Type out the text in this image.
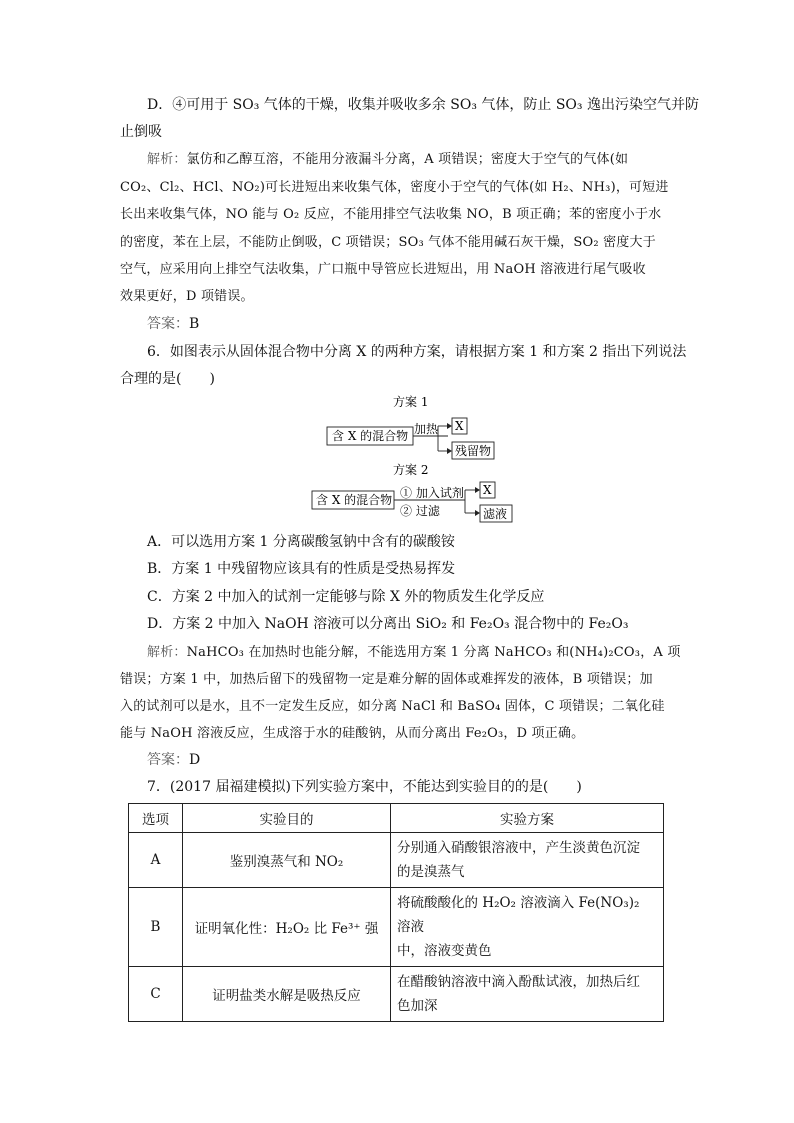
D．④可用于 SO₃ 气体的干燥，收集并吸收多余 SO₃ 气体，防止 SO₃ 逸出污染空气并防
止倒吸
解析：氯仿和乙醇互溶，不能用分液漏斗分离，A 项错误；密度大于空气的气体(如
CO₂、Cl₂、HCl、NO₂)可长进短出来收集气体，密度小于空气的气体(如 H₂、NH₃)，可短进
长出来收集气体，NO 能与 O₂ 反应，不能用排空气法收集 NO，B 项正确；苯的密度小于水
的密度，苯在上层，不能防止倒吸，C 项错误；SO₃ 气体不能用碱石灰干燥，SO₂ 密度大于
空气，应采用向上排空气法收集，广口瓶中导管应长进短出，用 NaOH 溶液进行尾气吸收
效果更好，D 项错误。
答案：B
6．如图表示从固体混合物中分离 X 的两种方案，请根据方案 1 和方案 2 指出下列说法
合理的是(　　)
方案 1
含 X 的混合物 加热 X
残留物
方案 2
含 X 的混合物 ① 加入试剂
② 过滤
X
滤液
A．可以选用方案 1 分离碳酸氢钠中含有的碳酸铵
B．方案 1 中残留物应该具有的性质是受热易挥发
C．方案 2 中加入的试剂一定能够与除 X 外的物质发生化学反应
D．方案 2 中加入 NaOH 溶液可以分离出 SiO₂ 和 Fe₂O₃ 混合物中的 Fe₂O₃
解析：NaHCO₃ 在加热时也能分解，不能选用方案 1 分离 NaHCO₃ 和(NH₄)₂CO₃，A 项
错误；方案 1 中，加热后留下的残留物一定是难分解的固体或难挥发的液体，B 项错误；加
入的试剂可以是水，且不一定发生反应，如分离 NaCl 和 BaSO₄ 固体，C 项错误；二氧化硅
能与 NaOH 溶液反应，生成溶于水的硅酸钠，从而分离出 Fe₂O₃，D 项正确。
答案：D
7．(2017 届福建模拟)下列实验方案中，不能达到实验目的的是(　　)
选项	实验目的	实验方案
A	鉴别溴蒸气和 NO₂	分别通入硝酸银溶液中，产生淡黄色沉淀
的是溴蒸气

B	证明氧化性：H₂O₂ 比 Fe³⁺ 强	将硫酸酸化的 H₂O₂ 溶液滴入 Fe(NO₃)₂ 溶液
中，溶液变黄色

C	证明盐类水解是吸热反应	在醋酸钠溶液中滴入酚酞试液，加热后红
色加深
